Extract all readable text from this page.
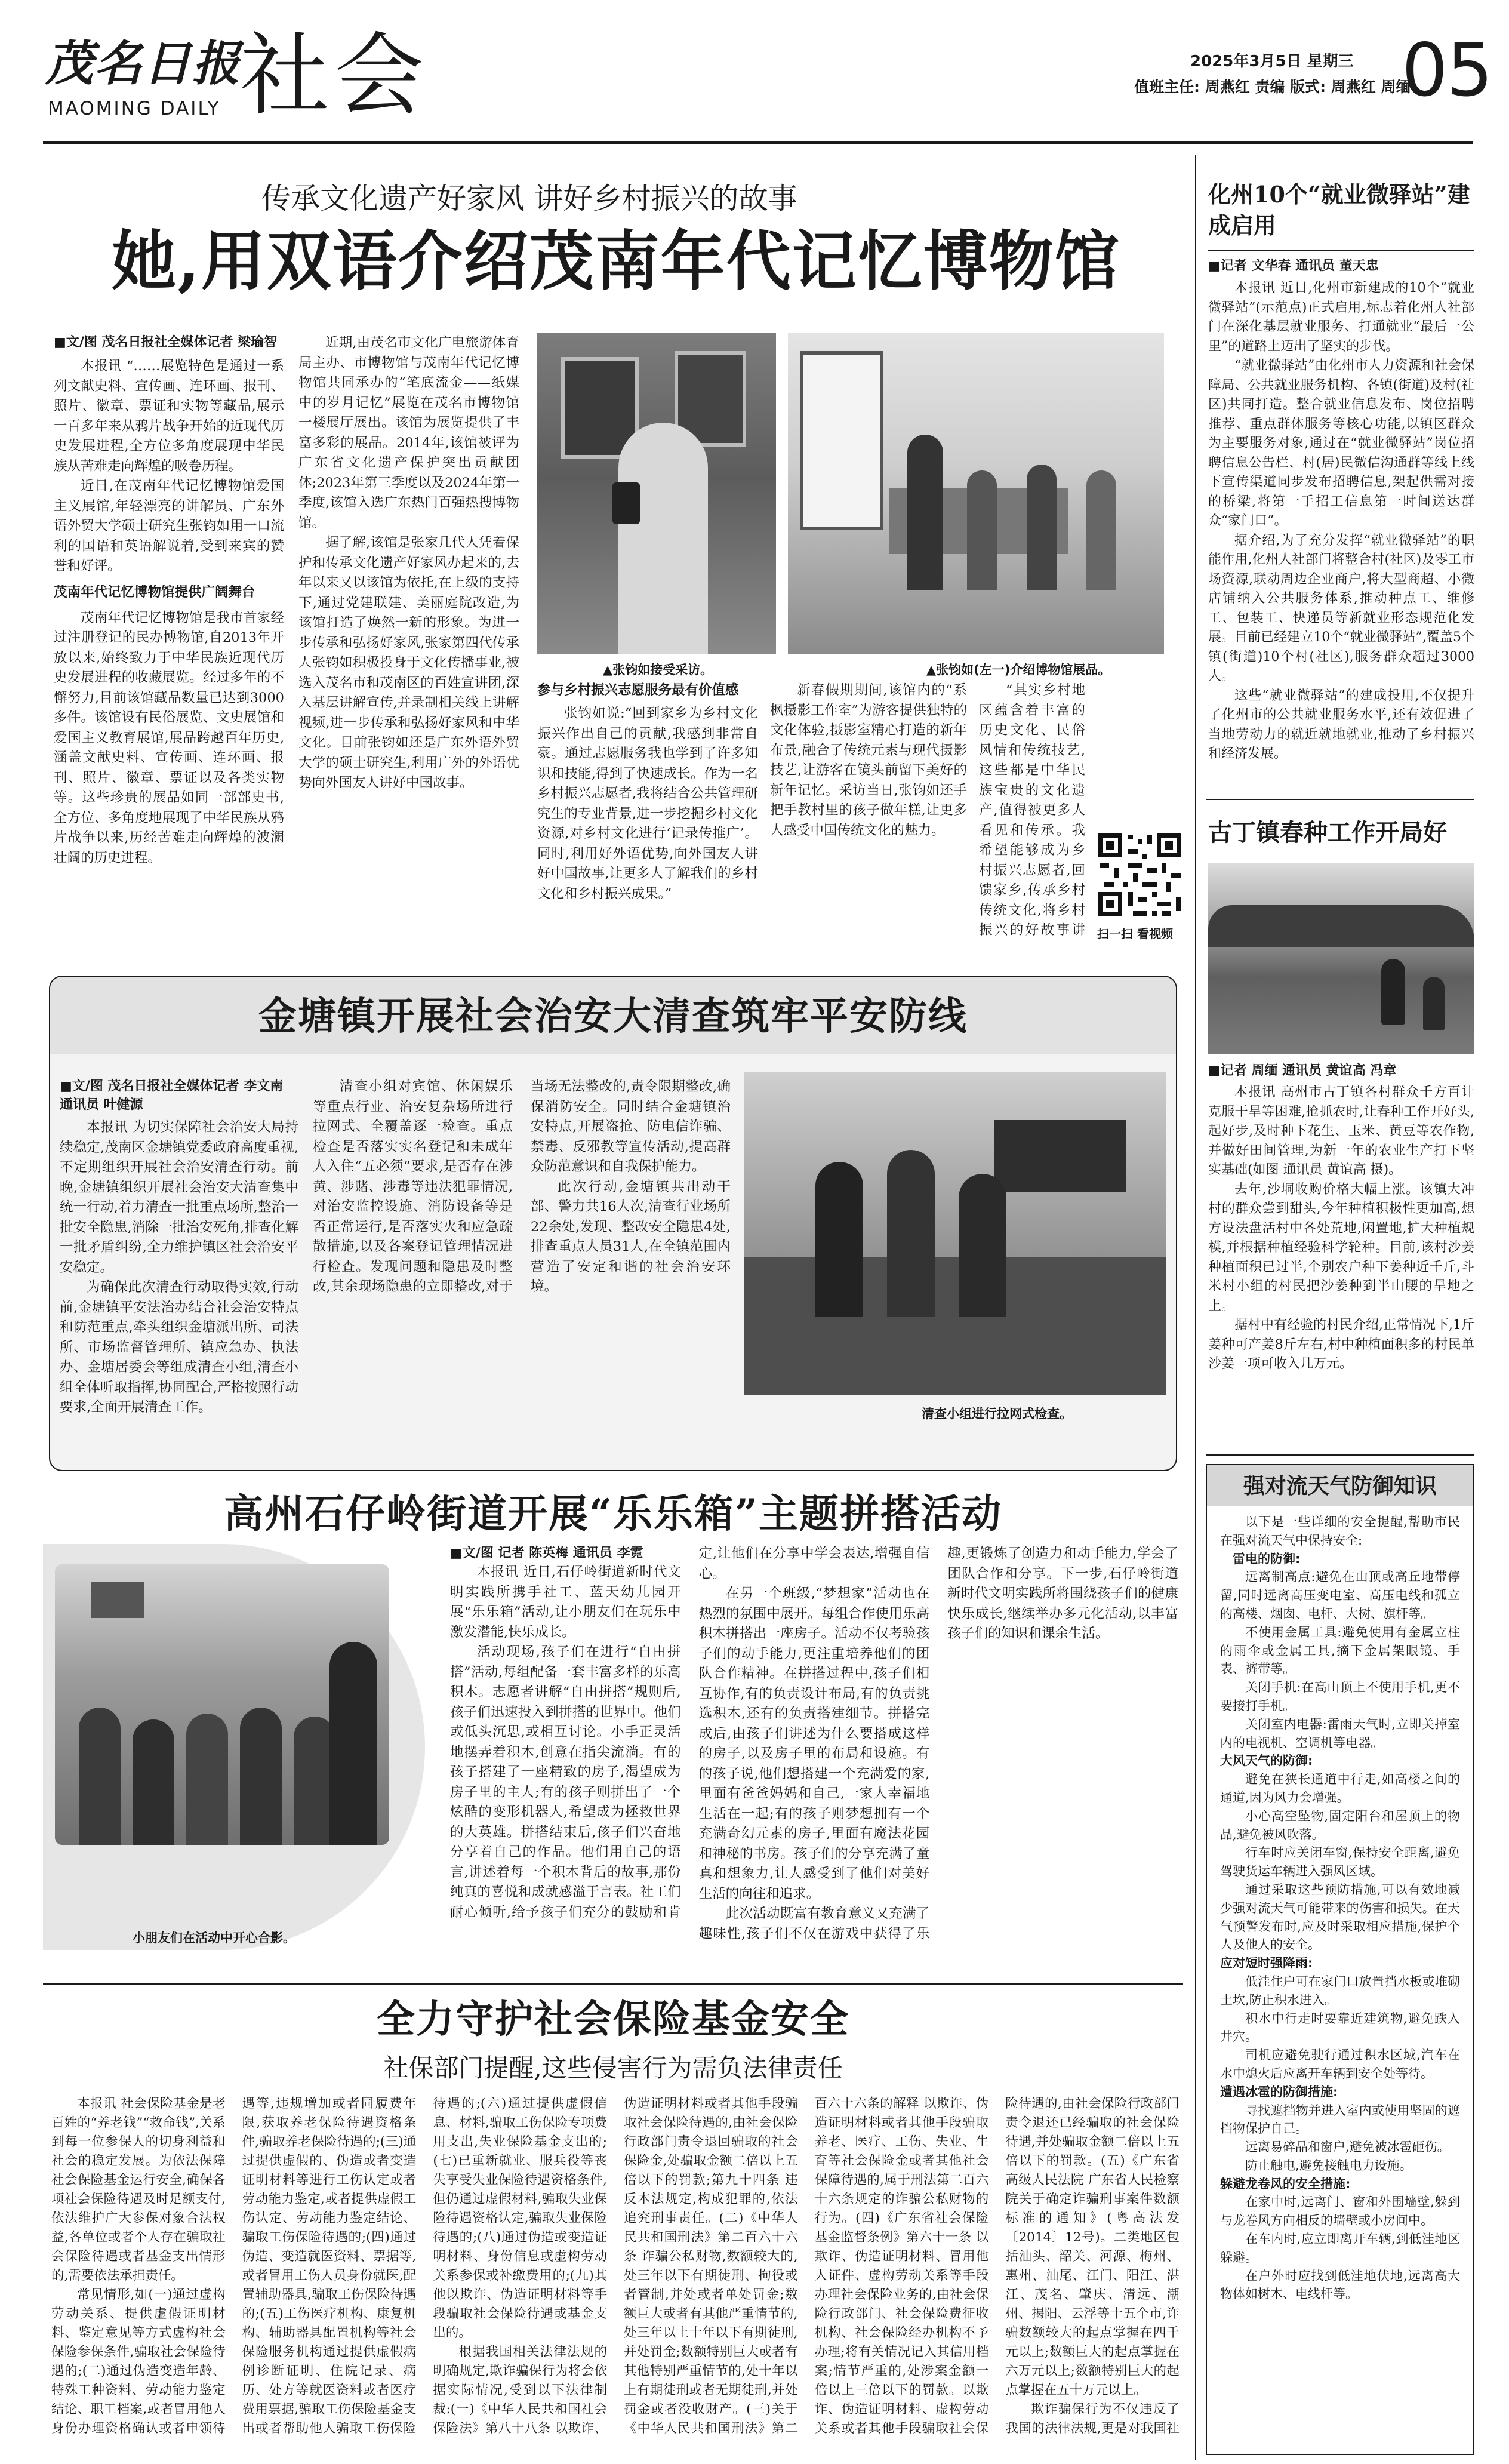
茂名日报
MAOMING DAILY 社会	2025年3月5日 星期三
值班主任: 周燕红 责编 版式: 周燕红 周缅
05
传承文化遗产好家风 讲好乡村振兴的故事
她,用双语介绍茂南年代记忆博物馆
■文/图 茂名日报社全媒体记者 梁瑜智

本报讯 “……展览特色是通过一系列文献史料、宣传画、连环画、报刊、照片、徽章、票证和实物等藏品,展示一百多年来从鸦片战争开始的近现代历史发展进程,全方位多角度展现中华民族从苦难走向辉煌的吸卷历程。

近日,在茂南年代记忆博物馆爱国主义展馆,年轻漂亮的讲解员、广东外语外贸大学硕士研究生张钧如用一口流利的国语和英语解说着,受到来宾的赞誉和好评。

茂南年代记忆博物馆提供广阔舞台

茂南年代记忆博物馆是我市首家经过注册登记的民办博物馆,自2013年开放以来,始终致力于中华民族近现代历史发展进程的收藏展览。经过多年的不懈努力,目前该馆藏品数量已达到3000多件。该馆设有民俗展览、文史展馆和爱国主义教育展馆,展品跨越百年历史,涵盖文献史料、宣传画、连环画、报刊、照片、徽章、票证以及各类实物等。这些珍贵的展品如同一部部史书,全方位、多角度地展现了中华民族从鸦片战争以来,历经苦难走向辉煌的波澜壮阔的历史进程。

近期,由茂名市文化广电旅游体育局主办、市博物馆与茂南年代记忆博物馆共同承办的“笔底流金——纸媒中的岁月记忆”展览在茂名市博物馆一楼展厅展出。该馆为展览提供了丰富多彩的展品。2014年,该馆被评为广东省文化遗产保护突出贡献团体;2023年第三季度以及2024年第一季度,该馆入选广东热门百强热搜博物馆。

据了解,该馆是张家几代人凭着保护和传承文化遗产好家风办起来的,去年以来又以该馆为依托,在上级的支持下,通过党建联建、美丽庭院改造,为该馆打造了焕然一新的形象。为进一步传承和弘扬好家风,张家第四代传承人张钧如积极投身于文化传播事业,被选入茂名市和茂南区的百姓宣讲团,深入基层讲解宣传,并录制相关线上讲解视频,进一步传承和弘扬好家风和中华文化。目前张钧如还是广东外语外贸大学的硕士研究生,利用广外的外语优势向外国友人讲好中国故事。

▲张钧如接受采访。	▲张钧如(左一)介绍博物馆展品。

参与乡村振兴志愿服务最有价值感

张钧如说:“回到家乡为乡村文化振兴作出自己的贡献,我感到非常自豪。通过志愿服务我也学到了许多知识和技能,得到了快速成长。作为一名乡村振兴志愿者,我将结合公共管理研究生的专业背景,进一步挖掘乡村文化资源,对乡村文化进行‘记录传推广’。同时,利用好外语优势,向外国友人讲好中国故事,让更多人了解我们的乡村文化和乡村振兴成果。”

新春假期期间,该馆内的“系枫摄影工作室”为游客提供独特的文化体验,摄影室精心打造的新年布景,融合了传统元素与现代摄影技艺,让游客在镜头前留下美好的新年记忆。采访当日,张钧如还手把手教村里的孩子做年糕,让更多人感受中国传统文化的魅力。

“其实乡村地区蕴含着丰富的历史文化、民俗风情和传统技艺,这些都是中华民族宝贵的文化遗产,值得被更多人看见和传承。我希望能够成为乡村振兴志愿者,回馈家乡,传承乡村传统文化,将乡村振兴的好故事讲 扫一扫 看视频
化州10个“就业微驿站”建成启用
■记者 文华春 通讯员 董天忠

本报讯 近日,化州市新建成的10个“就业微驿站”(示范点)正式启用,标志着化州人社部门在深化基层就业服务、打通就业“最后一公里”的道路上迈出了坚实的步伐。

“就业微驿站”由化州市人力资源和社会保障局、公共就业服务机构、各镇(街道)及村(社区)共同打造。整合就业信息发布、岗位招聘推荐、重点群体服务等核心功能,以镇区群众为主要服务对象,通过在“就业微驿站”岗位招聘信息公告栏、村(居)民微信沟通群等线上线下宣传渠道同步发布招聘信息,架起供需对接的桥梁,将第一手招工信息第一时间送达群众“家门口”。

据介绍,为了充分发挥“就业微驿站”的职能作用,化州人社部门将整合村(社区)及零工市场资源,联动周边企业商户,将大型商超、小微店铺纳入公共服务体系,推动种点工、维修工、包装工、快递员等新就业形态规范化发展。目前已经建立10个“就业微驿站”,覆盖5个镇(街道)10个村(社区),服务群众超过3000人。

这些“就业微驿站”的建成投用,不仅提升了化州市的公共就业服务水平,还有效促进了当地劳动力的就近就地就业,推动了乡村振兴和经济发展。

古丁镇春种工作开局好
■记者 周缅 通讯员 黄谊高 冯章

本报讯 高州市古丁镇各村群众千方百计克服干旱等困难,抢抓农时,让春种工作开好头,起好步,及时种下花生、玉米、黄豆等农作物,并做好田间管理,为新一年的农业生产打下坚实基础(如图 通讯员 黄谊高 摄)。

去年,沙垌收购价格大幅上涨。该镇大冲村的群众尝到甜头,今年种植积极性更加高,想方设法盘活村中各处荒地,闲置地,扩大种植规模,并根据种植经验科学轮种。目前,该村沙姜种植面积已过半,个别农户种下姜种近千斤,斗米村小组的村民把沙姜种到半山腰的旱地之上。

据村中有经验的村民介绍,正常情况下,1斤姜种可产姜8斤左右,村中种植面积多的村民单沙姜一项可收入几万元。

强对流天气防御知识

以下是一些详细的安全提醒,帮助市民在强对流天气中保持安全:

雷电的防御:

远离制高点:避免在山顶或高丘地带停留,同时远离高压变电室、高压电线和孤立的高楼、烟囱、电杆、大树、旗杆等。

不使用金属工具:避免使用有金属立柱的雨伞或金属工具,摘下金属架眼镜、手表、裤带等。

关闭手机:在高山顶上不使用手机,更不要接打手机。

关闭室内电器:雷雨天气时,立即关掉室内的电视机、空调机等电器。

大风天气的防御:

避免在狭长通道中行走,如高楼之间的通道,因为风力会增强。

小心高空坠物,固定阳台和屋顶上的物品,避免被风吹落。

行车时应关闭车窗,保持安全距离,避免驾驶货运车辆进入强风区域。

通过采取这些预防措施,可以有效地减少强对流天气可能带来的伤害和损失。在天气预警发布时,应及时采取相应措施,保护个人及他人的安全。

应对短时强降雨:

低洼住户可在家门口放置挡水板或堆砌土坎,防止积水进入。

积水中行走时要靠近建筑物,避免跌入井穴。

司机应避免驶行通过积水区域,汽车在水中熄火后应离开车辆到安全处等待。

遭遇冰雹的防御措施:

寻找遮挡物并进入室内或使用坚固的遮挡物保护自己。

远离易碎品和窗户,避免被冰雹砸伤。

防止触电,避免接触电力设施。

躲避龙卷风的安全措施:

在家中时,远离门、窗和外围墙壁,躲到与龙卷风方向相反的墙壁或小房间中。

在车内时,应立即离开车辆,到低洼地区躲避。

在户外时应找到低洼地伏地,远离高大物体如树木、电线杆等。

金塘镇开展社会治安大清查筑牢平安防线
■文/图 茂名日报社全媒体记者 李文南 通讯员 叶健源

本报讯 为切实保障社会治安大局持续稳定,茂南区金塘镇党委政府高度重视,不定期组织开展社会治安清查行动。前晚,金塘镇组织开展社会治安大清查集中统一行动,着力清查一批重点场所,整治一批安全隐患,消除一批治安死角,排查化解一批矛盾纠纷,全力维护镇区社会治安平安稳定。

为确保此次清查行动取得实效,行动前,金塘镇平安法治办结合社会治安特点和防范重点,牵头组织金塘派出所、司法所、市场监督管理所、镇应急办、执法办、金塘居委会等组成清查小组,清查小组全体听取指挥,协同配合,严格按照行动要求,全面开展清查工作。

清查小组对宾馆、休闲娱乐等重点行业、治安复杂场所进行拉网式、全覆盖逐一检查。重点检查是否落实实名登记和未成年人入住“五必须”要求,是否存在涉黄、涉赌、涉毒等违法犯罪情况,对治安监控设施、消防设备等是否正常运行,是否落实火和应急疏散措施,以及各案登记管理情况进行检查。发现问题和隐患及时整改,其余现场隐患的立即整改,对于当场无法整改的,责令限期整改,确保消防安全。同时结合金塘镇治安特点,开展盗抢、防电信诈骗、禁毒、反邪教等宣传活动,提高群众防范意识和自我保护能力。

此次行动,金塘镇共出动干部、警力共16人次,清查行业场所22余处,发现、整改安全隐患4处,排查重点人员31人,在全镇范围内营造了安定和谐的社会治安环境。

清查小组进行拉网式检查。
高州石仔岭街道开展“乐乐箱”主题拼搭活动
小朋友们在活动中开心合影。
■文/图 记者 陈英梅 通讯员 李霓

本报讯 近日,石仔岭街道新时代文明实践所携手社工、蓝天幼儿园开展“乐乐箱”活动,让小朋友们在玩乐中激发潜能,快乐成长。

活动现场,孩子们在进行“自由拼搭”活动,每组配备一套丰富多样的乐高积木。志愿者讲解“自由拼搭”规则后,孩子们迅速投入到拼搭的世界中。他们或低头沉思,或相互讨论。小手正灵活地摆弄着积木,创意在指尖流淌。有的孩子搭建了一座精致的房子,渴望成为房子里的主人;有的孩子则拼出了一个炫酷的变形机器人,希望成为拯救世界的大英雄。拼搭结束后,孩子们兴奋地分享着自己的作品。他们用自己的语言,讲述着每一个积木背后的故事,那份纯真的喜悦和成就感溢于言表。社工们耐心倾听,给予孩子们充分的鼓励和肯定,让他们在分享中学会表达,增强自信心。

在另一个班级,“梦想家”活动也在热烈的氛围中展开。每组合作使用乐高积木拼搭出一座房子。活动不仅考验孩子们的动手能力,更注重培养他们的团队合作精神。在拼搭过程中,孩子们相互协作,有的负责设计布局,有的负责挑选积木,还有的负责搭建细节。拼搭完成后,由孩子们讲述为什么要搭成这样的房子,以及房子里的布局和设施。有的孩子说,他们想搭建一个充满爱的家,里面有爸爸妈妈和自己,一家人幸福地生活在一起;有的孩子则梦想拥有一个充满奇幻元素的房子,里面有魔法花园和神秘的书房。孩子们的分享充满了童真和想象力,让人感受到了他们对美好生活的向往和追求。

此次活动既富有教育意义又充满了趣味性,孩子们不仅在游戏中获得了乐趣,更锻炼了创造力和动手能力,学会了团队合作和分享。下一步,石仔岭街道新时代文明实践所将围绕孩子们的健康快乐成长,继续举办多元化活动,以丰富孩子们的知识和课余生活。

全力守护社会保险基金安全
社保部门提醒,这些侵害行为需负法律责任

本报讯 社会保险基金是老百姓的“养老钱”“救命钱”,关系到每一位参保人的切身利益和社会的稳定发展。为依法保障社会保险基金运行安全,确保各项社会保险待遇及时足额支付,依法维护广大参保对象合法权益,各单位或者个人存在骗取社会保险待遇或者基金支出情形的,需要依法承担责任。

常见情形,如(一)通过虚构劳动关系、提供虚假证明材料、鉴定意见等方式虚构社会保险参保条件,骗取社会保险待遇的;(二)通过伪造变造年龄、特殊工种资料、劳动能力鉴定结论、职工档案,或者冒用他人身份办理资格确认或者申领待遇等,违规增加或者同履费年限,获取养老保险待遇资格条件,骗取养老保险待遇的;(三)通过提供虚假的、伪造或者变造证明材料等进行工伤认定或者劳动能力鉴定,或者提供虚假工伤认定、劳动能力鉴定结论、骗取工伤保险待遇的;(四)通过伪造、变造就医资料、票据等,或者冒用工伤人员身份就医,配置辅助器具,骗取工伤保险待遇的;(五)工伤医疗机构、康复机构、辅助器具配置机构等社会保险服务机构通过提供虚假病例诊断证明、住院记录、病历、处方等就医资料或者医疗费用票据,骗取工伤保险基金支出或者帮助他人骗取工伤保险待遇的;(六)通过提供虚假信息、材料,骗取工伤保险专项费用支出,失业保险基金支出的;(七)已重新就业、服兵役等丧失享受失业保险待遇资格条件,但仍通过虚假材料,骗取失业保险待遇资格认定,骗取失业保险待遇的;(八)通过伪造或变造证明材料、身份信息或虚构劳动关系参保或补缴费用的;(九)其他以欺诈、伪造证明材料等手段骗取社会保险待遇或基金支出的。

根据我国相关法律法规的明确规定,欺诈骗保行为将会依据实际情况,受到以下法律制裁:(一)《中华人民共和国社会保险法》第八十八条 以欺诈、伪造证明材料或者其他手段骗取社会保险待遇的,由社会保险行政部门责令退回骗取的社会保险金,处骗取金额二倍以上五倍以下的罚款;第九十四条 违反本法规定,构成犯罪的,依法追究刑事责任。(二)《中华人民共和国刑法》第二百六十六条 诈骗公私财物,数额较大的,处三年以下有期徒刑、拘役或者管制,并处或者单处罚金;数额巨大或者有其他严重情节的,处三年以上十年以下有期徒刑,并处罚金;数额特别巨大或者有其他特别严重情节的,处十年以上有期徒刑或者无期徒刑,并处罚金或者没收财产。(三)关于《中华人民共和国刑法》第二百六十六条的解释 以欺诈、伪造证明材料或者其他手段骗取养老、医疗、工伤、失业、生育等社会保险金或者其他社会保障待遇的,属于刑法第二百六十六条规定的诈骗公私财物的行为。(四)《广东省社会保险基金监督条例》第六十一条 以欺诈、伪造证明材料、冒用他人证件、虚构劳动关系等手段办理社会保险业务的,由社会保险行政部门、社会保险费征收机构、社会保险经办机构不予办理;将有关情况记入其信用档案;情节严重的,处涉案金额一倍以上三倍以下的罚款。以欺诈、伪造证明材料、虚构劳动关系或者其他手段骗取社会保险待遇的,由社会保险行政部门责令退还已经骗取的社会保险待遇,并处骗取金额二倍以上五倍以下的罚款。(五)《广东省高级人民法院 广东省人民检察院关于确定诈骗刑事案件数额标准的通知》(粤高法发〔2014〕12号)。二类地区包括汕头、韶关、河源、梅州、惠州、汕尾、江门、阳江、湛江、茂名、肇庆、清远、潮州、揭阳、云浮等十五个市,诈骗数额较大的起点掌握在四千元以上;数额巨大的起点掌握在六万元以上;数额特别巨大的起点掌握在五十万元以上。

欺诈骗保行为不仅违反了我国的法律法规,更是对我国社
